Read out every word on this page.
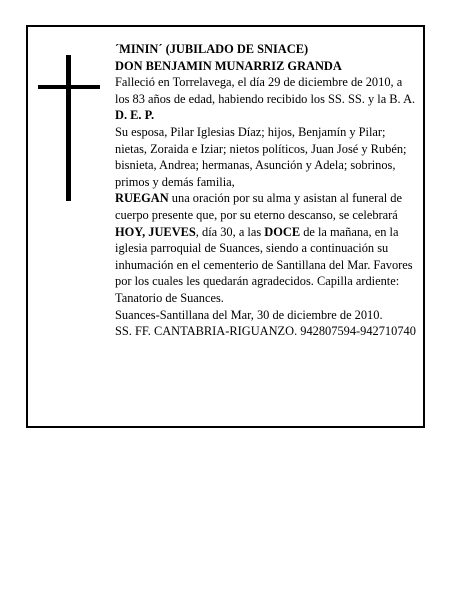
´MININ´ (JUBILADO DE SNIACE)

DON BENJAMIN MUNARRIZ GRANDA

Falleció en Torrelavega, el día 29 de diciembre de 2010, a los 83 años de edad, habiendo recibido los SS. SS. y la B. A.

D. E. P.

Su esposa, Pilar Iglesias Díaz; hijos, Benjamín y Pilar; nietas, Zoraida e Iziar; nietos políticos, Juan José y Rubén; bisnieta, Andrea; hermanas, Asunción y Adela; sobrinos, primos y demás familia,

RUEGAN una oración por su alma y asistan al funeral de cuerpo presente que, por su eterno descanso, se celebrará HOY, JUEVES, día 30, a las DOCE de la mañana, en la iglesia parroquial de Suances, siendo a continuación su inhumación en el cementerio de Santillana del Mar. Favores por los cuales les quedarán agradecidos. Capilla ardiente: Tanatorio de Suances.

Suances-Santillana del Mar, 30 de diciembre de 2010.

SS. FF. CANTABRIA-RIGUANZO. 942807594-942710740
